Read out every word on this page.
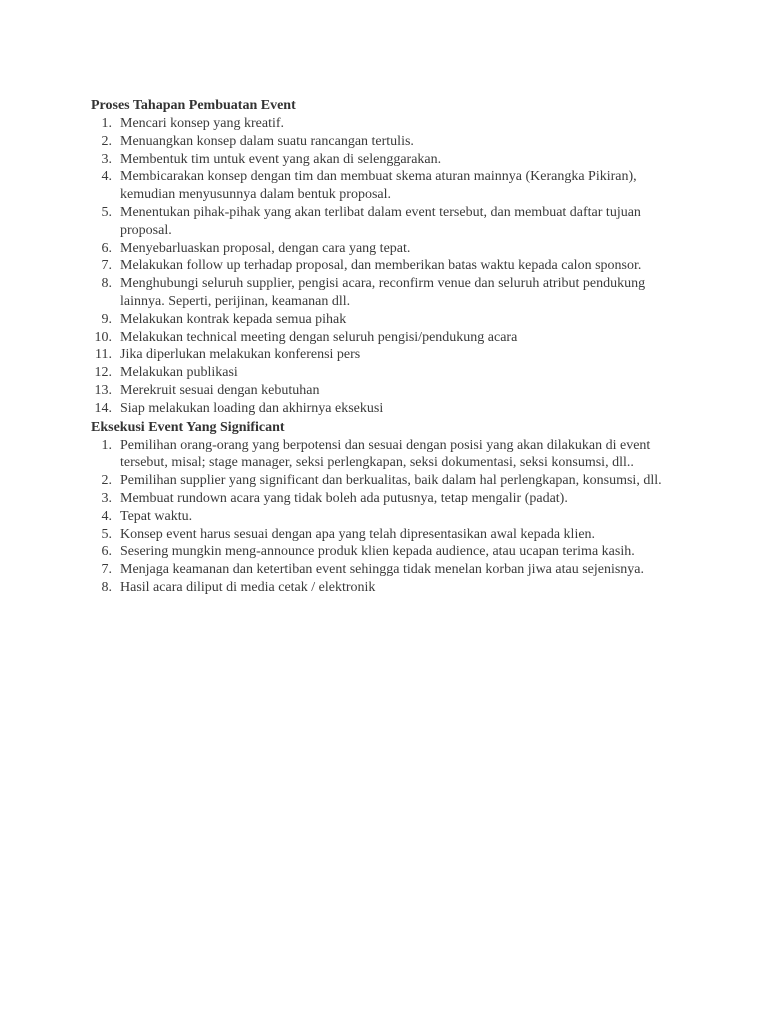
Proses Tahapan Pembuatan Event
1. Mencari konsep yang kreatif.
2. Menuangkan konsep dalam suatu rancangan tertulis.
3. Membentuk tim untuk event yang akan di selenggarakan.
4. Membicarakan konsep dengan tim dan membuat skema aturan mainnya (Kerangka Pikiran), kemudian menyusunnya dalam bentuk proposal.
5. Menentukan pihak-pihak yang akan terlibat dalam event tersebut, dan membuat daftar tujuan proposal.
6. Menyebarluaskan proposal, dengan cara yang tepat.
7. Melakukan follow up terhadap proposal, dan memberikan batas waktu kepada calon sponsor.
8. Menghubungi seluruh supplier, pengisi acara, reconfirm venue dan seluruh atribut pendukung lainnya. Seperti, perijinan, keamanan dll.
9. Melakukan kontrak kepada semua pihak
10. Melakukan technical meeting dengan seluruh pengisi/pendukung acara
11. Jika diperlukan melakukan konferensi pers
12. Melakukan publikasi
13. Merekruit sesuai dengan kebutuhan
14. Siap melakukan loading dan akhirnya eksekusi
Eksekusi Event Yang Significant
1. Pemilihan orang-orang yang berpotensi dan sesuai dengan posisi yang akan dilakukan di event tersebut, misal; stage manager, seksi perlengkapan, seksi dokumentasi, seksi konsumsi, dll..
2. Pemilihan supplier yang significant dan berkualitas, baik dalam hal perlengkapan, konsumsi, dll.
3. Membuat rundown acara yang tidak boleh ada putusnya, tetap mengalir (padat).
4. Tepat waktu.
5. Konsep event harus sesuai dengan apa yang telah dipresentasikan awal kepada klien.
6. Sesering mungkin meng-announce produk klien kepada audience, atau ucapan terima kasih.
7. Menjaga keamanan dan ketertiban event sehingga tidak menelan korban jiwa atau sejenisnya.
8. Hasil acara diliput di media cetak / elektronik
